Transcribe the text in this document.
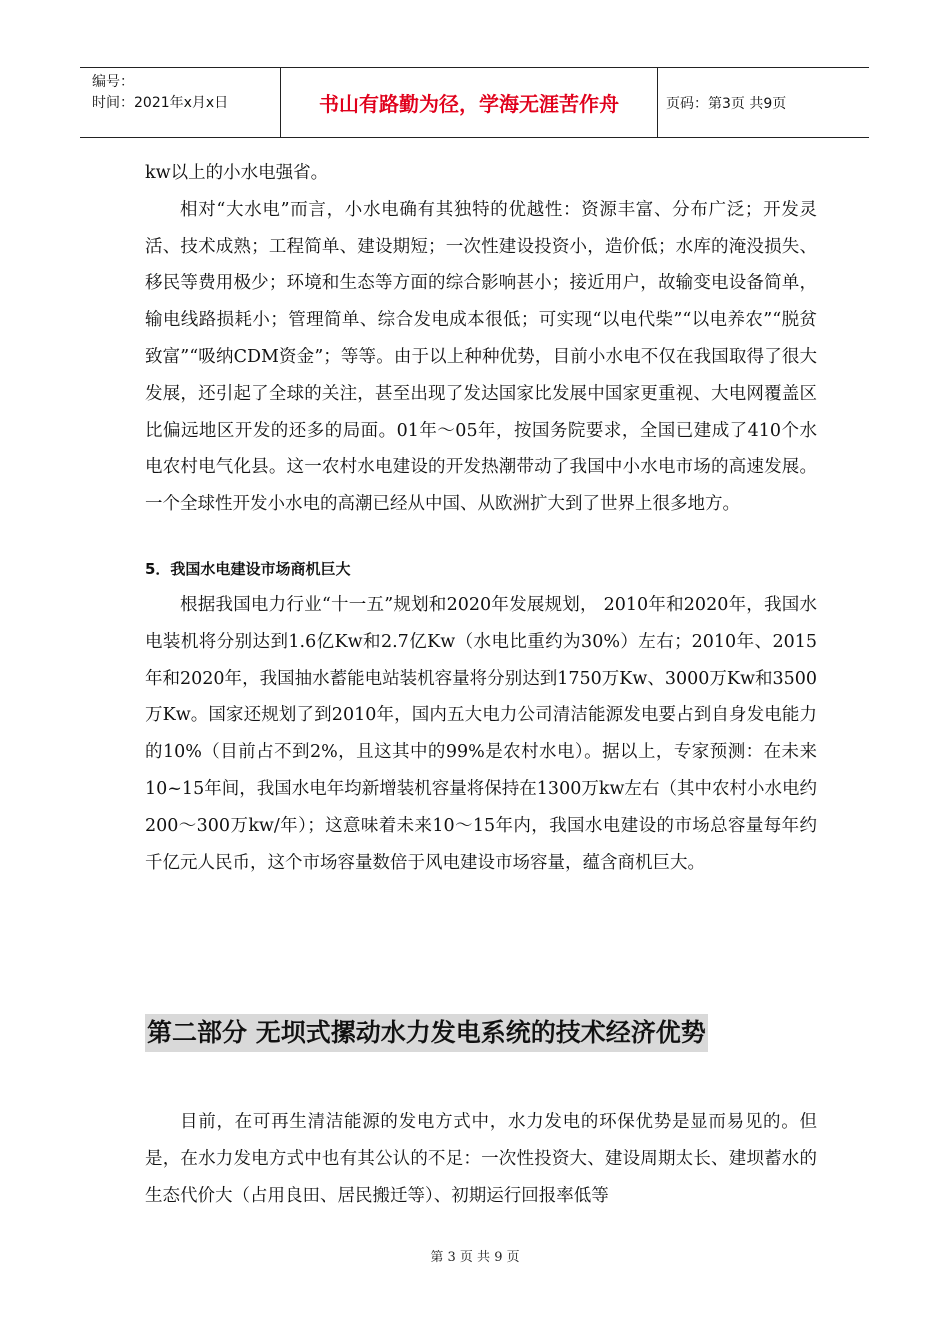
编号：
时间：2021年x月x日	书山有路勤为径，学海无涯苦作舟	页码：第3页 共9页

kw以上的小水电强省。

相对“大水电”而言，小水电确有其独特的优越性：资源丰富、分布广泛；开发灵活、技术成熟；工程简单、建设期短；一次性建设投资小，造价低；水库的淹没损失、移民等费用极少；环境和生态等方面的综合影响甚小；接近用户，故输变电设备简单，输电线路损耗小；管理简单、综合发电成本很低；可实现“以电代柴”“以电养农”“脱贫致富”“吸纳CDM资金”；等等。由于以上种种优势，目前小水电不仅在我国取得了很大发展，还引起了全球的关注，甚至出现了发达国家比发展中国家更重视、大电网覆盖区比偏远地区开发的还多的局面。01年～05年，按国务院要求，全国已建成了410个水电农村电气化县。这一农村水电建设的开发热潮带动了我国中小水电市场的高速发展。一个全球性开发小水电的高潮已经从中国、从欧洲扩大到了世界上很多地方。

5．我国水电建设市场商机巨大

根据我国电力行业“十一五”规划和2020年发展规划， 2010年和2020年，我国水电装机将分别达到1.6亿Kw和2.7亿Kw（水电比重约为30%）左右；2010年、2015年和2020年，我国抽水蓄能电站装机容量将分别达到1750万Kw、3000万Kw和3500万Kw。国家还规划了到2010年，国内五大电力公司清洁能源发电要占到自身发电能力的10%（目前占不到2%，且这其中的99%是农村水电）。据以上，专家预测：在未来10~15年间，我国水电年均新增装机容量将保持在1300万kw左右（其中农村小水电约200～300万kw/年）；这意味着未来10～15年内，我国水电建设的市场总容量每年约千亿元人民币，这个市场容量数倍于风电建设市场容量，蕴含商机巨大。

第二部分 无坝式摞动水力发电系统的技术经济优势

目前，在可再生清洁能源的发电方式中，水力发电的环保优势是显而易见的。但是，在水力发电方式中也有其公认的不足：一次性投资大、建设周期太长、建坝蓄水的生态代价大（占用良田、居民搬迁等）、初期运行回报率低等

第 3 页 共 9 页
